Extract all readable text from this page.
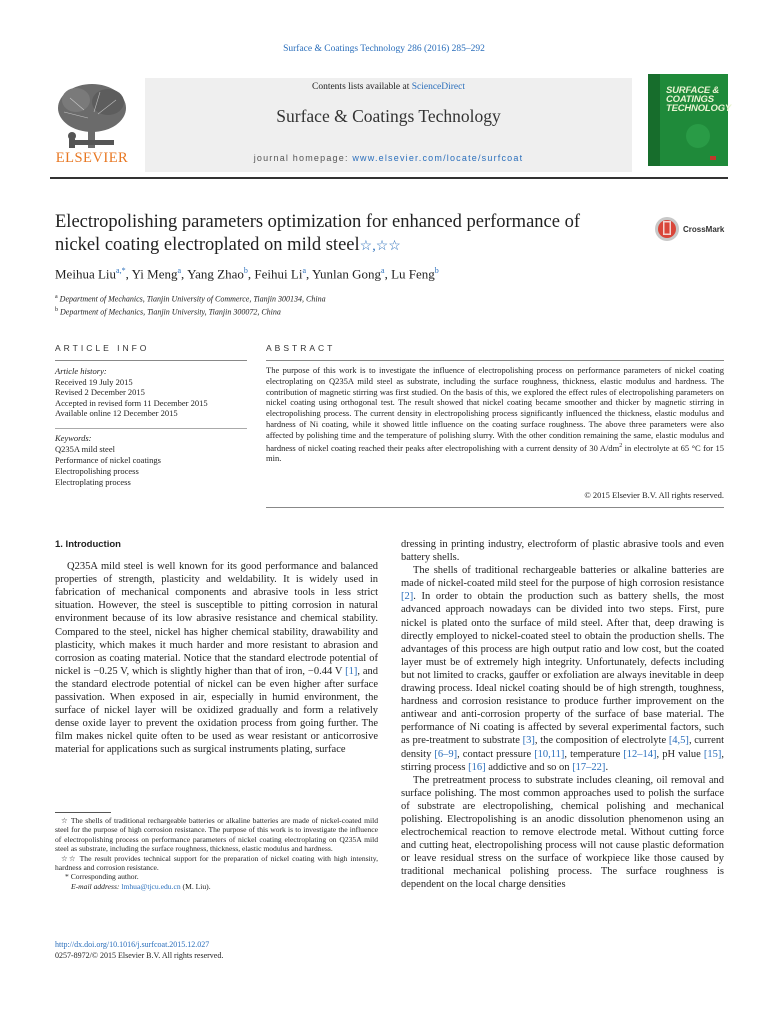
Surface & Coatings Technology 286 (2016) 285–292
ELSEVIER
Contents lists available at ScienceDirect
Surface & Coatings Technology
journal homepage: www.elsevier.com/locate/surfcoat
SURFACE & COATINGS TECHNOLOGY
Electropolishing parameters optimization for enhanced performance of
nickel coating electroplated on mild steel☆,☆☆
CrossMark
Meihua Liu$^{a,*}$, Yi Meng$^a$, Yang Zhao$^b$, Feihui Li$^a$, Yunlan Gong$^a$, Lu Feng$^b$
$^a$ Department of Mechanics, Tianjin University of Commerce, Tianjin 300134, China
$^b$ Department of Mechanics, Tianjin University, Tianjin 300072, China
ARTICLE INFO	ABSTRACT
Article history:
Received 19 July 2015
Revised 2 December 2015
Accepted in revised form 11 December 2015
Available online 12 December 2015
Keywords:
Q235A mild steel
Performance of nickel coatings
Electropolishing process
Electroplating process
The purpose of this work is to investigate the influence of electropolishing process on performance parameters of nickel coating electroplating on Q235A mild steel as substrate, including the surface roughness, thickness, elastic modulus and hardness. The contribution of magnetic stirring was first studied. On the basis of this, we explored the effect rules of electropolishing parameters on nickel coating using orthogonal test. The result showed that nickel coating became smoother and thicker by magnetic stirring in electropolishing process. The current density in electropolishing process significantly influenced the thickness, elastic modulus and hardness of Ni coating, while it showed little influence on the coating surface roughness. The above three parameters were also affected by polishing time and the temperature of polishing slurry. With the other condition remaining the same, elastic modulus and hardness of nickel coating reached their peaks after electropolishing with a current density of 30 $A/dm^2$ in electrolyte at 65 °C for 15 min.
© 2015 Elsevier B.V. All rights reserved.
1. Introduction

Q235A mild steel is well known for its good performance and balanced properties of strength, plasticity and weldability. It is widely used in fabrication of mechanical components and abrasive tools in less strict situation. However, the steel is susceptible to pitting corrosion in natural environment because of its low abrasive resistance and chemical stability. Compared to the steel, nickel has higher chemical stability, drawability and plasticity, which makes it much harder and more resistant to abrasion and corrosion as coating material. Notice that the standard electrode potential of nickel is −0.25 V, which is slightly higher than that of iron, −0.44 V [1], and the standard electrode potential of nickel can be even higher after surface passivation. When exposed in air, especially in humid environment, the surface of nickel layer will be oxidized gradually and form a relatively dense oxide layer to prevent the oxidation process from going further. The film makes nickel quite often to be used as wear resistant or anticorrosive material for applications such as surgical instruments plating, surface

dressing in printing industry, electroform of plastic abrasive tools and even battery shells.

The shells of traditional rechargeable batteries or alkaline batteries are made of nickel-coated mild steel for the purpose of high corrosion resistance [2]. In order to obtain the production such as battery shells, the most advanced approach nowadays can be divided into two steps. First, pure nickel is plated onto the surface of mild steel. After that, deep drawing is directly employed to nickel-coated steel to obtain the production shells. The advantages of this process are high output ratio and low cost, but the coated layer must be of extremely high integrity. Unfortunately, defects including but not limited to cracks, gauffer or exfoliation are always inevitable in deep drawing process. Ideal nickel coating should be of high strength, toughness, hardness and corrosion resistance to produce further improvement on the antiwear and anti-corrosion property of the surface of base material. The performance of Ni coating is affected by several experimental factors, such as pre-treatment to substrate [3], the composition of electrolyte [4,5], current density [6–9], contact pressure [10,11], temperature [12–14], pH value [15], stirring process [16] addictive and so on [17–22].

The pretreatment process to substrate includes cleaning, oil removal and surface polishing. The most common approaches used to polish the surface of substrate are electropolishing, chemical polishing and mechanical polishing. Electropolishing is an anodic dissolution phenomenon using an electrochemical reaction to remove electrode metal. Without cutting force and cutting heat, electropolishing process will not cause plastic deformation or leave residual stress on the surface of workpiece like those caused by traditional mechanical polishing process. The surface roughness is dependent on the local charge densities

☆ The shells of traditional rechargeable batteries or alkaline batteries are made of nickel-coated mild steel for the purpose of high corrosion resistance. The purpose of this work is to investigate the influence of electropolishing process on performance parameters of nickel coating electroplating on Q235A mild steel as substrate, including the surface roughness, thickness, elastic modulus and hardness.

☆☆ The result provides technical support for the preparation of nickel coating with high intensity, hardness and corrosion resistance.

* Corresponding author.

E-mail address: lmhua@tjcu.edu.cn (M. Liu).

http://dx.doi.org/10.1016/j.surfcoat.2015.12.027
0257-8972/© 2015 Elsevier B.V. All rights reserved.
